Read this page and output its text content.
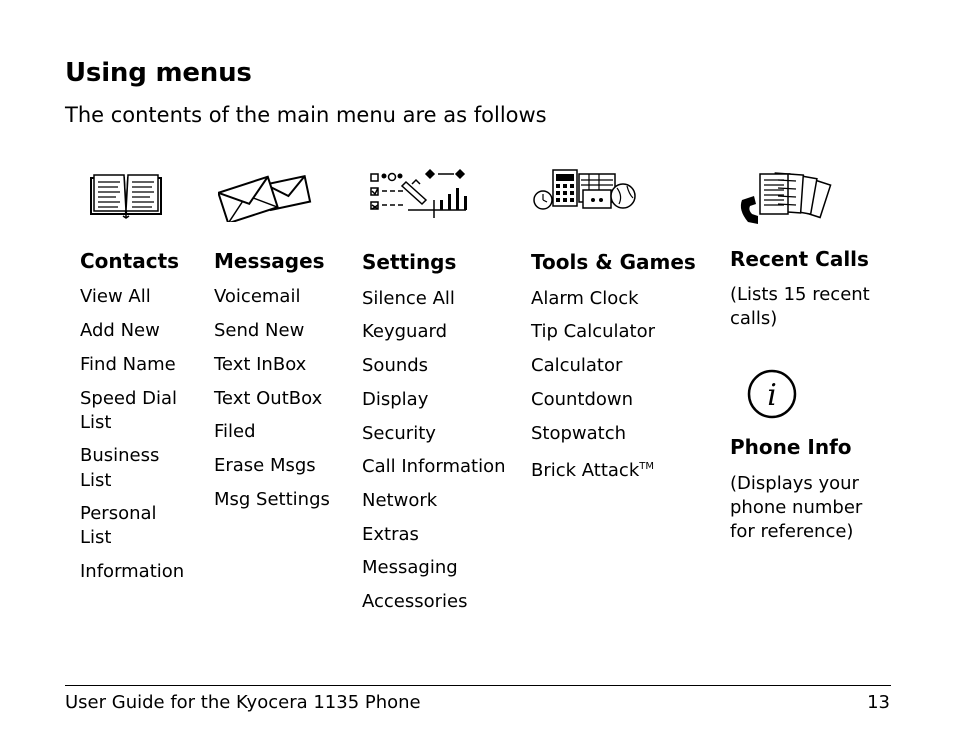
Using menus
The contents of the main menu are as follows
i
Contacts
View All
Add New
Find Name
Speed Dial
List
Business
List
Personal
List
Information
Messages
Voicemail
Send New
Text InBox
Text OutBox
Filed
Erase Msgs
Msg Settings
Settings
Silence All
Keyguard
Sounds
Display
Security
Call Information
Network
Extras
Messaging
Accessories
Tools & Games
Alarm Clock
Tip Calculator
Calculator
Countdown
Stopwatch
Brick Attack™
Recent Calls
(Lists 15 recent
calls)
Phone Info
(Displays your
phone number
for reference)
User Guide for the Kyocera 1135 Phone	13
